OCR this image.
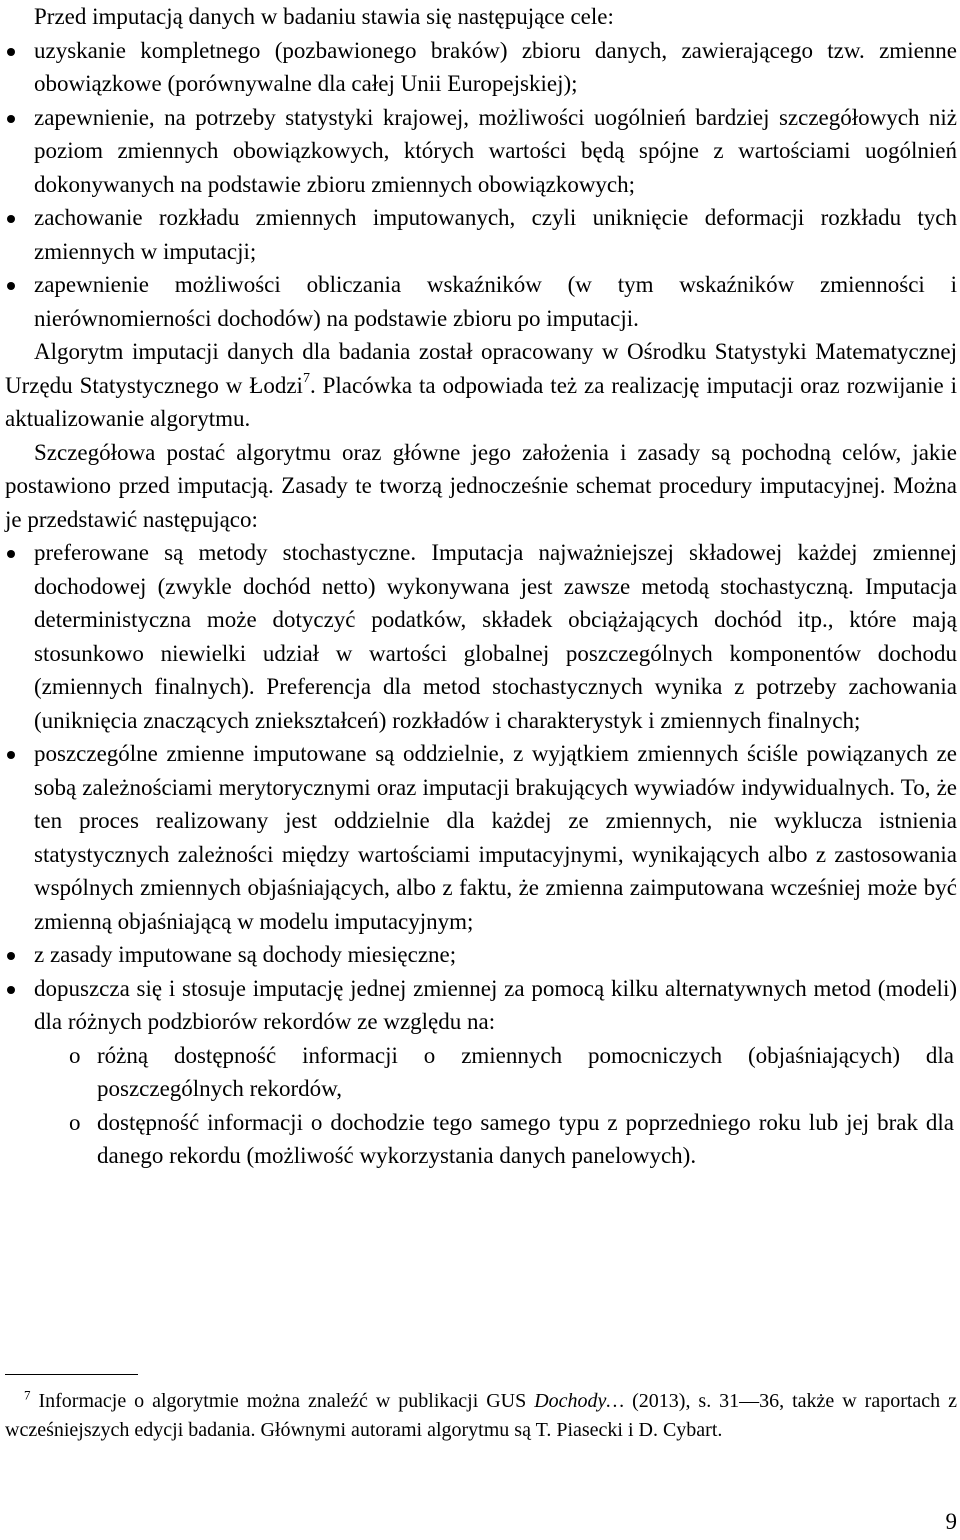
Przed imputacją danych w badaniu stawia się następujące cele:

uzyskanie kompletnego (pozbawionego braków) zbioru danych, zawierającego tzw. zmienne obowiązkowe (porównywalne dla całej Unii Europejskiej);
zapewnienie, na potrzeby statystyki krajowej, możliwości uogólnień bardziej szczegółowych niż poziom zmiennych obowiązkowych, których wartości będą spójne z wartościami uogólnień dokonywanych na podstawie zbioru zmiennych obowiązkowych;
zachowanie rozkładu zmiennych imputowanych, czyli uniknięcie deformacji rozkładu tych zmiennych w imputacji;
zapewnienie możliwości obliczania wskaźników (w tym wskaźników zmienności i nierównomierności dochodów) na podstawie zbioru po imputacji.

Algorytm imputacji danych dla badania został opracowany w Ośrodku Statystyki Matematycznej Urzędu Statystycznego w Łodzi$^7$. Placówka ta odpowiada też za realizację imputacji oraz rozwijanie i aktualizowanie algorytmu.

Szczegółowa postać algorytmu oraz główne jego założenia i zasady są pochodną celów, jakie postawiono przed imputacją. Zasady te tworzą jednocześnie schemat procedury imputacyjnej. Można je przedstawić następująco:

preferowane są metody stochastyczne. Imputacja najważniejszej składowej każdej zmiennej dochodowej (zwykle dochód netto) wykonywana jest zawsze metodą stochastyczną. Imputacja deterministyczna może dotyczyć podatków, składek obciążających dochód itp., które mają stosunkowo niewielki udział w wartości globalnej poszczególnych komponentów dochodu (zmiennych finalnych). Preferencja dla metod stochastycznych wynika z potrzeby zachowania (uniknięcia znaczących zniekształceń) rozkładów i charakterystyk i zmiennych finalnych;
poszczególne zmienne imputowane są oddzielnie, z wyjątkiem zmiennych ściśle powiązanych ze sobą zależnościami merytorycznymi oraz imputacji brakujących wywiadów indywidualnych. To, że ten proces realizowany jest oddzielnie dla każdej ze zmiennych, nie wyklucza istnienia statystycznych zależności między wartościami imputacyjnymi, wynikających albo z zastosowania wspólnych zmiennych objaśniających, albo z faktu, że zmienna zaimputowana wcześniej może być zmienną objaśniającą w modelu imputacyjnym;
z zasady imputowane są dochody miesięczne;
dopuszcza się i stosuje imputację jednej zmiennej za pomocą kilku alternatywnych metod (modeli) dla różnych podzbiorów rekordów ze względu na:
o różną dostępność informacji o zmiennych pomocniczych (objaśniających) dla poszczególnych rekordów,
o dostępność informacji o dochodzie tego samego typu z poprzedniego roku lub jej brak dla danego rekordu (możliwość wykorzystania danych panelowych).

$^7$ Informacje o algorytmie można znaleźć w publikacji GUS Dochody… (2013), s. 31—36, także w raportach z wcześniejszych edycji badania. Głównymi autorami algorytmu są T. Piasecki i D. Cybart.

9
